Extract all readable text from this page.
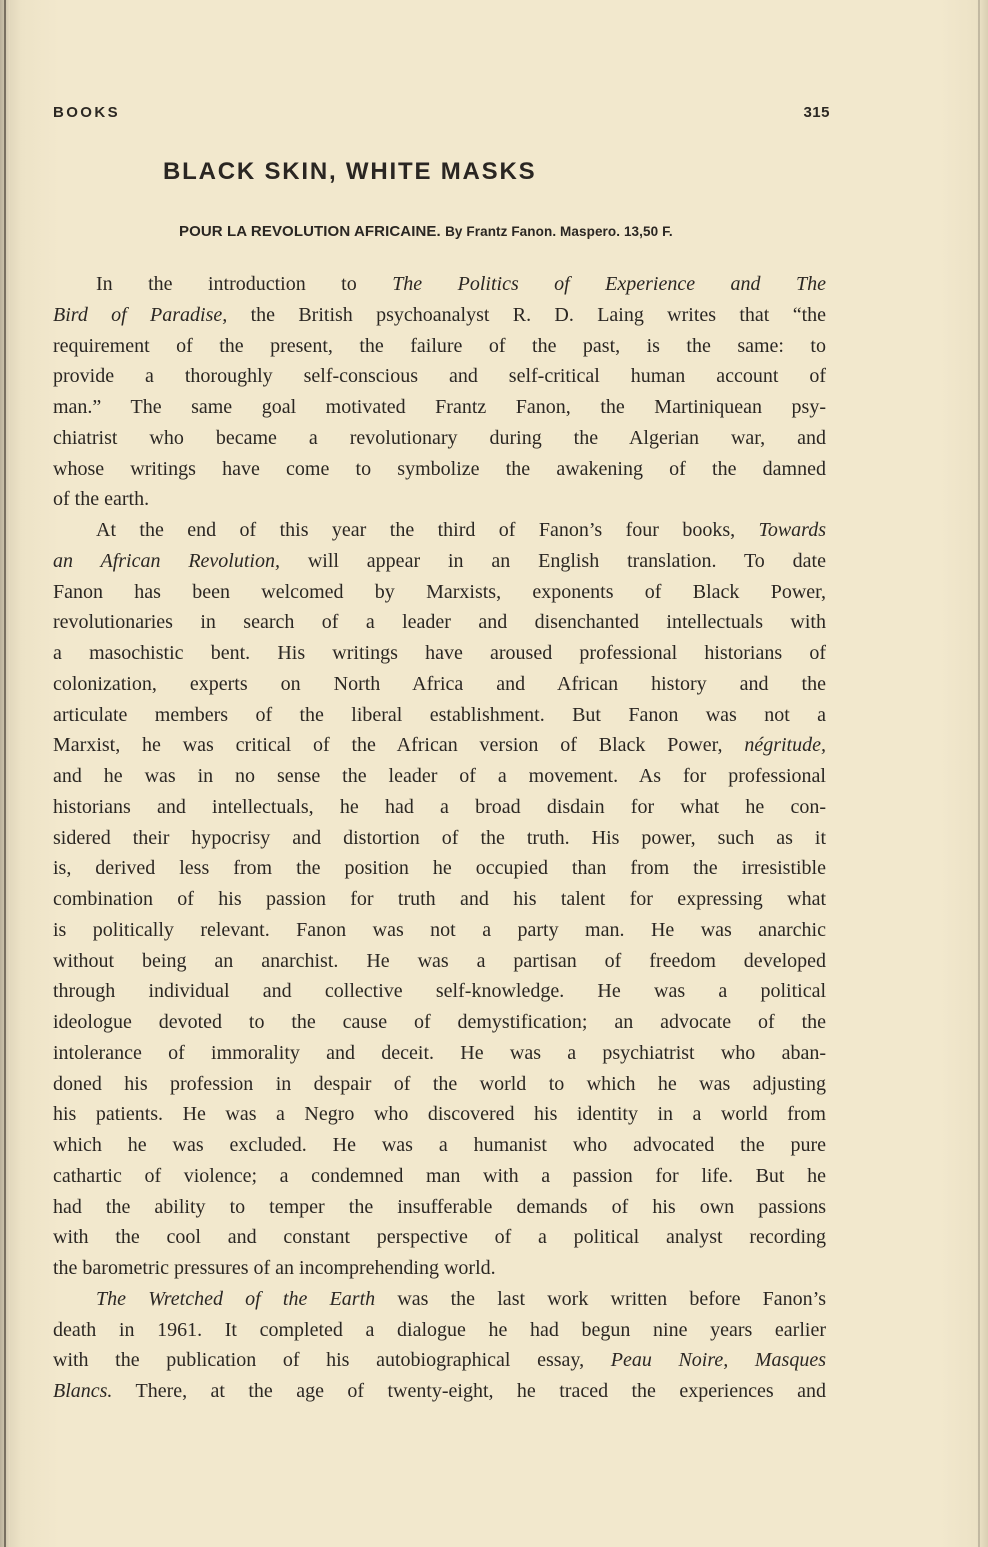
BOOKS	315
BLACK SKIN, WHITE MASKS
POUR LA REVOLUTION AFRICAINE. By Frantz Fanon. Maspero. 13,50 F.

In the introduction to The Politics of Experience and The
Bird of Paradise, the British psychoanalyst R. D. Laing writes that “the
requirement of the present, the failure of the past, is the same: to
provide a thoroughly self-conscious and self-critical human account of
man.” The same goal motivated Frantz Fanon, the Martiniquean psy-
chiatrist who became a revolutionary during the Algerian war, and
whose writings have come to symbolize the awakening of the damned
of the earth.

At the end of this year the third of Fanon’s four books, Towards
an African Revolution, will appear in an English translation. To date
Fanon has been welcomed by Marxists, exponents of Black Power,
revolutionaries in search of a leader and disenchanted intellectuals with
a masochistic bent. His writings have aroused professional historians of
colonization, experts on North Africa and African history and the
articulate members of the liberal establishment. But Fanon was not a
Marxist, he was critical of the African version of Black Power, négritude,
and he was in no sense the leader of a movement. As for professional
historians and intellectuals, he had a broad disdain for what he con-
sidered their hypocrisy and distortion of the truth. His power, such as it
is, derived less from the position he occupied than from the irresistible
combination of his passion for truth and his talent for expressing what
is politically relevant. Fanon was not a party man. He was anarchic
without being an anarchist. He was a partisan of freedom developed
through individual and collective self-knowledge. He was a political
ideologue devoted to the cause of demystification; an advocate of the
intolerance of immorality and deceit. He was a psychiatrist who aban-
doned his profession in despair of the world to which he was adjusting
his patients. He was a Negro who discovered his identity in a world from
which he was excluded. He was a humanist who advocated the pure
cathartic of violence; a condemned man with a passion for life. But he
had the ability to temper the insufferable demands of his own passions
with the cool and constant perspective of a political analyst recording
the barometric pressures of an incomprehending world.

The Wretched of the Earth was the last work written before Fanon’s
death in 1961. It completed a dialogue he had begun nine years earlier
with the publication of his autobiographical essay, Peau Noire, Masques
Blancs. There, at the age of twenty-eight, he traced the experiences and
